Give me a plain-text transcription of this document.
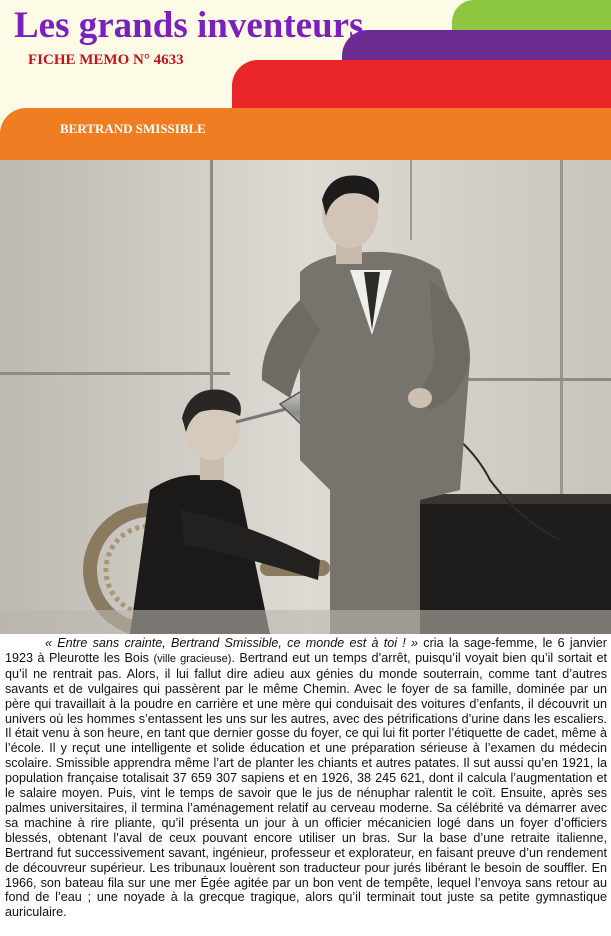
Les grands inventeurs
FICHE MEMO N° 4633
BERTRAND SMISSIBLE

« Entre sans crainte, Bertrand Smissible, ce monde est à toi ! » cria la sage-femme, le 6 janvier 1923 à Pleurotte les Bois (ville gracieuse). Bertrand eut un temps d’arrêt, puisqu’il voyait bien qu’il sortait et qu’il ne rentrait pas. Alors, il lui fallut dire adieu aux génies du monde souterrain, comme tant d’autres savants et de vulgaires qui passèrent par le même Chemin. Avec le foyer de sa famille, dominée par un père qui travaillait à la poudre en carrière et une mère qui conduisait des voitures d’enfants, il découvrit un univers où les hommes s’entassent les uns sur les autres, avec des pétrifications d’urine dans les escaliers. Il était venu à son heure, en tant que dernier gosse du foyer, ce qui lui fit porter l’étiquette de cadet, même à l’école. Il y reçut une intelligente et solide éducation et une préparation sérieuse à l’examen du médecin scolaire. Smissible apprendra même l’art de planter les chiants et autres patates. Il sut aussi qu’en 1921, la population française totalisait 37 659 307 sapiens et en 1926, 38 245 621, dont il calcula l’augmentation et le salaire moyen. Puis, vint le temps de savoir que le jus de nénuphar ralentit le coït. Ensuite, après ses palmes universitaires, il termina l’aménagement relatif au cerveau moderne. Sa célébrité va démarrer avec sa machine à rire pliante, qu’il présenta un jour à un officier mécanicien logé dans un foyer d’officiers blessés, obtenant l’aval de ceux pouvant encore utiliser un bras. Sur la base d’une retraite italienne, Bertrand fut successivement savant, ingénieur, professeur et explorateur, en faisant preuve d’un rendement de découvreur supérieur. Les tribunaux louèrent son traducteur pour jurés libérant le besoin de souffler. En 1966, son bateau fila sur une mer Égée agitée par un bon vent de tempête, lequel l’envoya sans retour au fond de l’eau ; une noyade à la grecque tragique, alors qu’il terminait tout juste sa petite gymnastique auriculaire.
